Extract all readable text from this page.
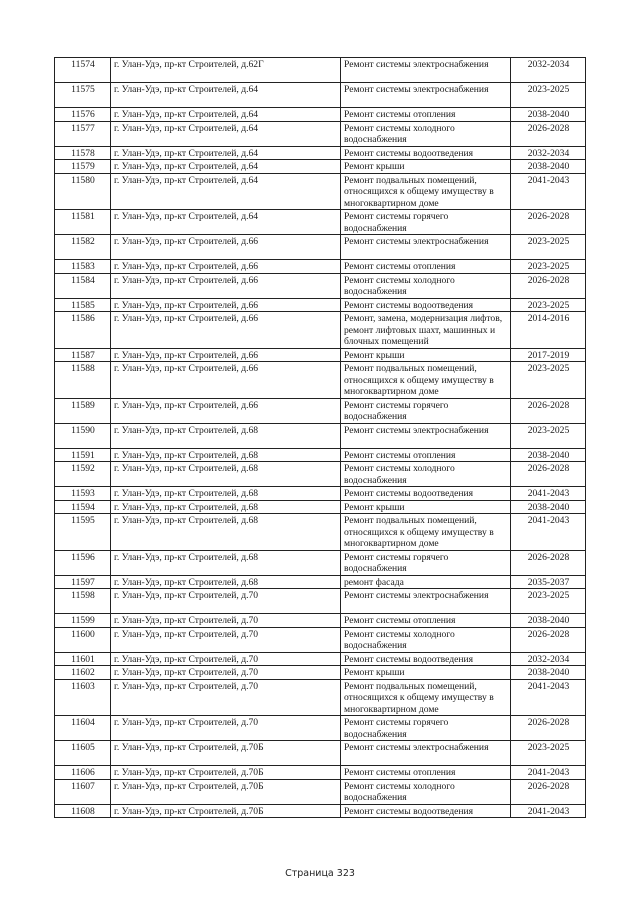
11574	г. Улан-Удэ, пр-кт Строителей, д.62Г	Ремонт системы электроснабжения	2032-2034
11575	г. Улан-Удэ, пр-кт Строителей, д.64	Ремонт системы электроснабжения	2023-2025
11576	г. Улан-Удэ, пр-кт Строителей, д.64	Ремонт системы отопления	2038-2040
11577	г. Улан-Удэ, пр-кт Строителей, д.64	Ремонт системы холодного водоснабжения	2026-2028
11578	г. Улан-Удэ, пр-кт Строителей, д.64	Ремонт системы водоотведения	2032-2034
11579	г. Улан-Удэ, пр-кт Строителей, д.64	Ремонт крыши	2038-2040
11580	г. Улан-Удэ, пр-кт Строителей, д.64	Ремонт подвальных помещений, относящихся к общему имуществу в многоквартирном доме	2041-2043
11581	г. Улан-Удэ, пр-кт Строителей, д.64	Ремонт системы горячего водоснабжения	2026-2028
11582	г. Улан-Удэ, пр-кт Строителей, д.66	Ремонт системы электроснабжения	2023-2025
11583	г. Улан-Удэ, пр-кт Строителей, д.66	Ремонт системы отопления	2023-2025
11584	г. Улан-Удэ, пр-кт Строителей, д.66	Ремонт системы холодного водоснабжения	2026-2028
11585	г. Улан-Удэ, пр-кт Строителей, д.66	Ремонт системы водоотведения	2023-2025
11586	г. Улан-Удэ, пр-кт Строителей, д.66	Ремонт, замена, модернизация лифтов, ремонт лифтовых шахт, машинных и блочных помещений	2014-2016
11587	г. Улан-Удэ, пр-кт Строителей, д.66	Ремонт крыши	2017-2019
11588	г. Улан-Удэ, пр-кт Строителей, д.66	Ремонт подвальных помещений, относящихся к общему имуществу в многоквартирном доме	2023-2025
11589	г. Улан-Удэ, пр-кт Строителей, д.66	Ремонт системы горячего водоснабжения	2026-2028
11590	г. Улан-Удэ, пр-кт Строителей, д.68	Ремонт системы электроснабжения	2023-2025
11591	г. Улан-Удэ, пр-кт Строителей, д.68	Ремонт системы отопления	2038-2040
11592	г. Улан-Удэ, пр-кт Строителей, д.68	Ремонт системы холодного водоснабжения	2026-2028
11593	г. Улан-Удэ, пр-кт Строителей, д.68	Ремонт системы водоотведения	2041-2043
11594	г. Улан-Удэ, пр-кт Строителей, д.68	Ремонт крыши	2038-2040
11595	г. Улан-Удэ, пр-кт Строителей, д.68	Ремонт подвальных помещений, относящихся к общему имуществу в многоквартирном доме	2041-2043
11596	г. Улан-Удэ, пр-кт Строителей, д.68	Ремонт системы горячего водоснабжения	2026-2028
11597	г. Улан-Удэ, пр-кт Строителей, д.68	ремонт фасада	2035-2037
11598	г. Улан-Удэ, пр-кт Строителей, д.70	Ремонт системы электроснабжения	2023-2025
11599	г. Улан-Удэ, пр-кт Строителей, д.70	Ремонт системы отопления	2038-2040
11600	г. Улан-Удэ, пр-кт Строителей, д.70	Ремонт системы холодного водоснабжения	2026-2028
11601	г. Улан-Удэ, пр-кт Строителей, д.70	Ремонт системы водоотведения	2032-2034
11602	г. Улан-Удэ, пр-кт Строителей, д.70	Ремонт крыши	2038-2040
11603	г. Улан-Удэ, пр-кт Строителей, д.70	Ремонт подвальных помещений, относящихся к общему имуществу в многоквартирном доме	2041-2043
11604	г. Улан-Удэ, пр-кт Строителей, д.70	Ремонт системы горячего водоснабжения	2026-2028
11605	г. Улан-Удэ, пр-кт Строителей, д.70Б	Ремонт системы электроснабжения	2023-2025
11606	г. Улан-Удэ, пр-кт Строителей, д.70Б	Ремонт системы отопления	2041-2043
11607	г. Улан-Удэ, пр-кт Строителей, д.70Б	Ремонт системы холодного водоснабжения	2026-2028
11608	г. Улан-Удэ, пр-кт Строителей, д.70Б	Ремонт системы водоотведения	2041-2043
Страница 323
